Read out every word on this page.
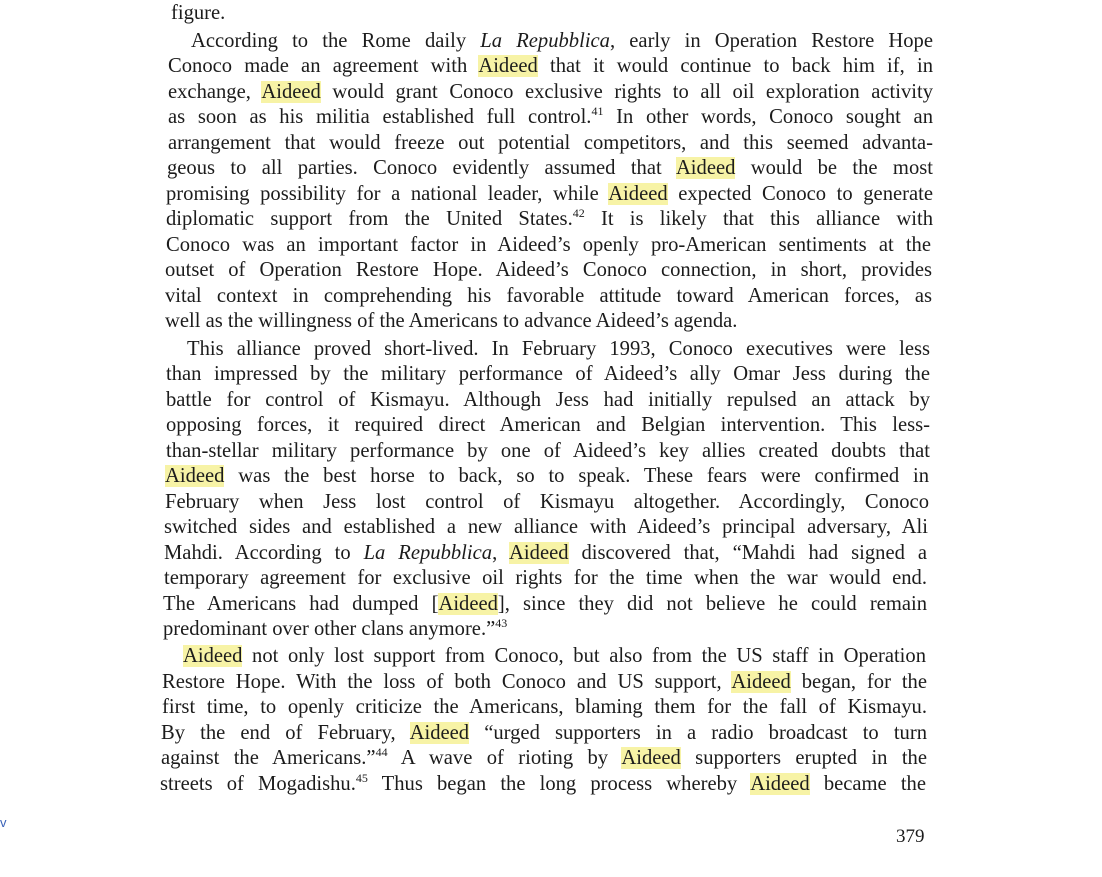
figure.
According to the Rome daily La Repubblica, early in Operation Restore Hope
Conoco made an agreement with Aideed that it would continue to back him if, in
exchange, Aideed would grant Conoco exclusive rights to all oil exploration activity
as soon as his militia established full control.$^{41}$ In other words, Conoco sought an
arrangement that would freeze out potential competitors, and this seemed advanta-
geous to all parties. Conoco evidently assumed that Aideed would be the most
promising possibility for a national leader, while Aideed expected Conoco to generate
diplomatic support from the United States.$^{42}$ It is likely that this alliance with
Conoco was an important factor in Aideed’s openly pro-American sentiments at the
outset of Operation Restore Hope. Aideed’s Conoco connection, in short, provides
vital context in comprehending his favorable attitude toward American forces, as
well as the willingness of the Americans to advance Aideed’s agenda.
This alliance proved short-lived. In February 1993, Conoco executives were less
than impressed by the military performance of Aideed’s ally Omar Jess during the
battle for control of Kismayu. Although Jess had initially repulsed an attack by
opposing forces, it required direct American and Belgian intervention. This less-
than-stellar military performance by one of Aideed’s key allies created doubts that
Aideed was the best horse to back, so to speak. These fears were confirmed in
February when Jess lost control of Kismayu altogether. Accordingly, Conoco
switched sides and established a new alliance with Aideed’s principal adversary, Ali
Mahdi. According to La Repubblica, Aideed discovered that, “Mahdi had signed a
temporary agreement for exclusive oil rights for the time when the war would end.
The Americans had dumped [Aideed], since they did not believe he could remain
predominant over other clans anymore.”$^{43}$
Aideed not only lost support from Conoco, but also from the US staff in Operation
Restore Hope. With the loss of both Conoco and US support, Aideed began, for the
first time, to openly criticize the Americans, blaming them for the fall of Kismayu.
By the end of February, Aideed “urged supporters in a radio broadcast to turn
against the Americans.”$^{44}$ A wave of rioting by Aideed supporters erupted in the
streets of Mogadishu.$^{45}$ Thus began the long process whereby Aideed became the
v
379
